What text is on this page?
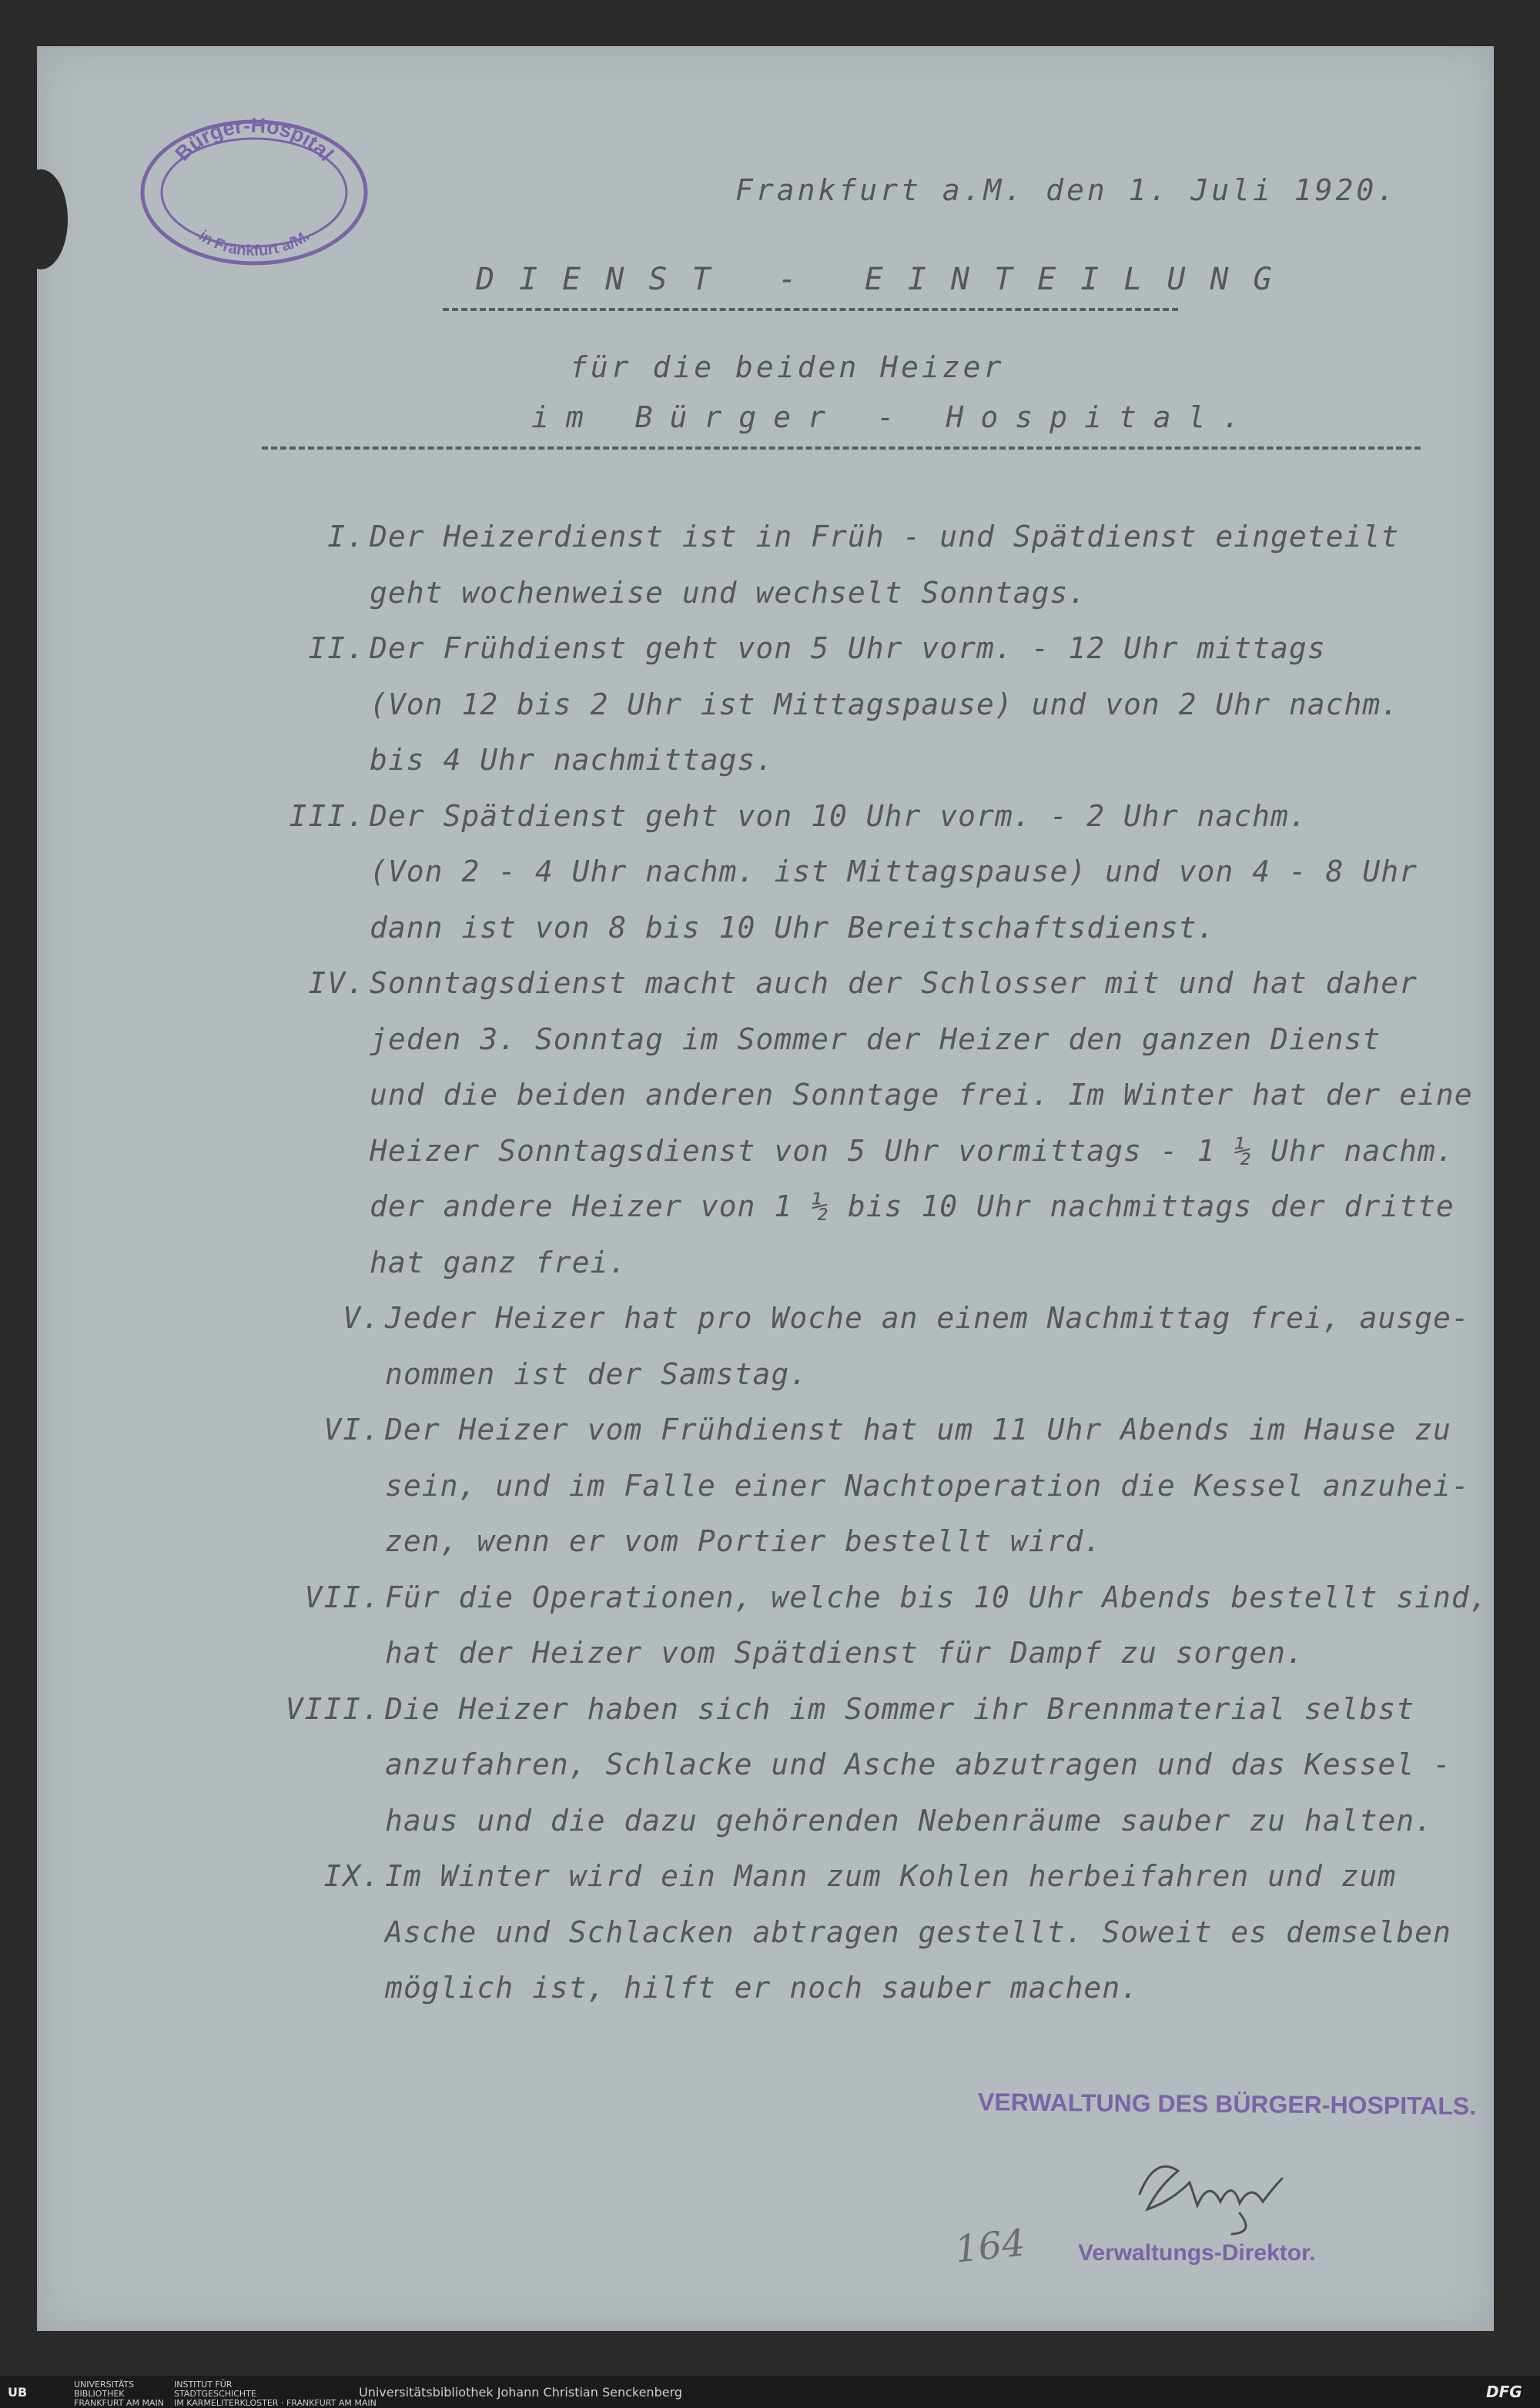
Bürger-Hospital
in Frankfurt a/M.
Frankfurt a.M. den 1. Juli 1920.
DIENST - EINTEILUNG
für die beiden Heizer
im Bürger - Hospital.
I. Der Heizerdienst ist in Früh - und Spätdienst eingeteilt
geht wochenweise und wechselt Sonntags.
II. Der Frühdienst geht von 5 Uhr vorm. - 12 Uhr mittags
(Von 12 bis 2 Uhr ist Mittagspause) und von 2 Uhr nachm.
bis 4 Uhr nachmittags.
III. Der Spätdienst geht von 10 Uhr vorm. - 2 Uhr nachm.
(Von 2 - 4 Uhr nachm. ist Mittagspause) und von 4 - 8 Uhr
dann ist von 8 bis 10 Uhr Bereitschaftsdienst.
IV. Sonntagsdienst macht auch der Schlosser mit und hat daher
jeden 3. Sonntag im Sommer der Heizer den ganzen Dienst
und die beiden anderen Sonntage frei. Im Winter hat der eine
Heizer Sonntagsdienst von 5 Uhr vormittags - 1 ½ Uhr nachm.
der andere Heizer von 1 ½ bis 10 Uhr nachmittags der dritte
hat ganz frei.
V. Jeder Heizer hat pro Woche an einem Nachmittag frei, ausge-
nommen ist der Samstag.
VI. Der Heizer vom Frühdienst hat um 11 Uhr Abends im Hause zu
sein, und im Falle einer Nachtoperation die Kessel anzuhei-
zen, wenn er vom Portier bestellt wird.
VII. Für die Operationen, welche bis 10 Uhr Abends bestellt sind,
hat der Heizer vom Spätdienst für Dampf zu sorgen.
VIII. Die Heizer haben sich im Sommer ihr Brennmaterial selbst
anzufahren, Schlacke und Asche abzutragen und das Kessel -
haus und die dazu gehörenden Nebenräume sauber zu halten.
IX. Im Winter wird ein Mann zum Kohlen herbeifahren und zum
Asche und Schlacken abtragen gestellt. Soweit es demselben
möglich ist, hilft er noch sauber machen.
VERWALTUNG DES BÜRGER-HOSPITALS.
164 Verwaltungs-Direktor.
UB
UNIVERSITÄTS
BIBLIOTHEK
FRANKFURT AM MAIN
INSTITUT FÜR
STADTGESCHICHTE
IM KARMELITERKLOSTER · FRANKFURT AM MAIN
Universitätsbibliothek Johann Christian Senckenberg	DFG
